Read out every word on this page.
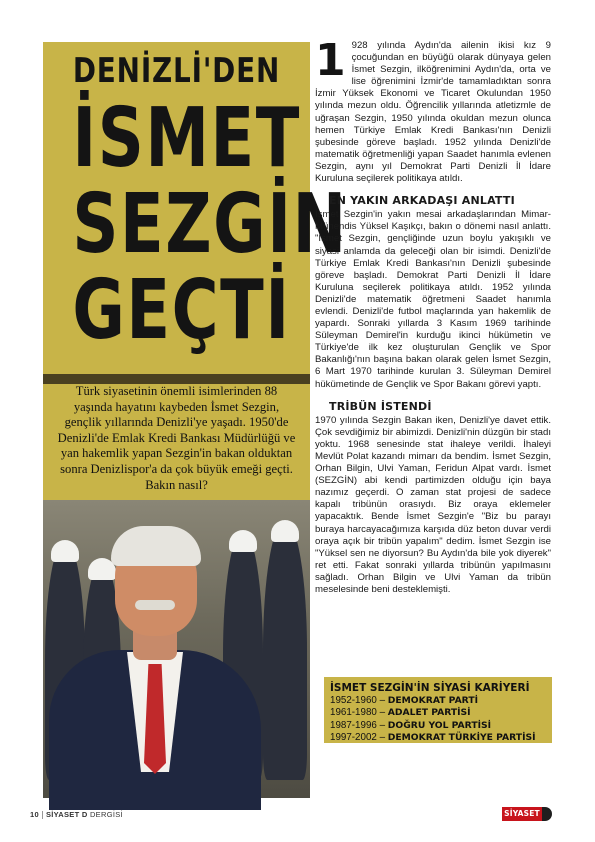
DENİZLİ'DEN
İSMET
SEZGİN
GEÇTİ

Türk siyasetinin önemli isimlerinden 88 yaşında hayatını kaybeden İsmet Sezgin, gençlik yıllarında Denizli'ye yaşadı. 1950'de Denizli'de Emlak Kredi Bankası Müdürlüğü ve yan hakemlik yapan Sezgin'in bakan olduktan sonra Denizlispor'a da çok büyük emeği geçti. Bakın nasıl?

1 928 yılında Aydın'da ailenin ikisi kız 9 çocuğundan en büyüğü olarak dünyaya gelen İsmet Sezgin, ilköğrenimini Aydın'da, orta ve lise öğrenimini İzmir'de tamamladıktan sonra İzmir Yüksek Ekonomi ve Ticaret Okulundan 1950 yılında mezun oldu. Öğrencilik yıllarında atletizmle de uğraşan Sezgin, 1950 yılında okuldan mezun olunca hemen Türkiye Emlak Kredi Bankası'nın Denizli şubesinde göreve başladı. 1952 yılında Denizli'de matematik öğretmenliği yapan Saadet hanımla evlenen Sezgin, aynı yıl Demokrat Parti Denizli İl İdare Kuruluna seçilerek politikaya atıldı.

EN YAKIN ARKADAŞI ANLATTI

İsmet Sezgin'in yakın mesai arkadaşlarından Mimar-Mühendis Yüksel Kaşıkçı, bakın o dönemi nasıl anlattı. "İsmet Sezgin, gençliğinde uzun boylu yakışıklı ve siyasi anlamda da geleceği olan bir isimdi. Denizli'de Türkiye Emlak Kredi Bankası'nın Denizli şubesinde göreve başladı. Demokrat Parti Denizli İl İdare Kuruluna seçilerek politikaya atıldı. 1952 yılında Denizli'de matematik öğretmeni Saadet hanımla evlendi. Denizli'de futbol maçlarında yan hakemlik de yapardı. Sonraki yıllarda 3 Kasım 1969 tarihinde Süleyman Demirel'in kurduğu ikinci hükümetin ve Türkiye'de ilk kez oluşturulan Gençlik ve Spor Bakanlığı'nın başına bakan olarak gelen İsmet Sezgin, 6 Mart 1970 tarihinde kurulan 3. Süleyman Demirel hükümetinde de Gençlik ve Spor Bakanı görevi yaptı.

TRİBÜN İSTENDİ

1970 yılında Sezgin Bakan iken, Denizli'ye davet ettik. Çok sevdiğimiz bir abimizdi. Denizli'nin düzgün bir stadı yoktu. 1968 senesinde stat ihaleye verildi. İhaleyi Mevlüt Polat kazandı mimarı da bendim. İsmet Sezgin, Orhan Bilgin, Ulvi Yaman, Feridun Alpat vardı. İsmet (SEZGİN) abi kendi partimizden olduğu için baya nazımız geçerdi. O zaman stat projesi de sadece kapalı tribünün orasıydı. Biz oraya eklemeler yapacaktık. Bende İsmet Sezgin'e "Biz bu parayı buraya harcayacağımıza karşıda düz beton duvar verdi oraya açık bir tribün yapalım" dedim. İsmet Sezgin ise "Yüksel sen ne diyorsun? Bu Aydın'da bile yok diyerek" ret etti. Fakat sonraki yıllarda tribünün yapılmasını sağladı. Orhan Bilgin ve Ulvi Yaman da tribün meselesinde beni desteklemişti.

İSMET SEZGİN'İN SİYASİ KARİYERİ
1952-1960 – DEMOKRAT PARTİ
1961-1980 – ADALET PARTİSİ
1987-1996 – DOĞRU YOL PARTİSİ
1997-2002 – DEMOKRAT TÜRKİYE PARTİSİ
10 SİYASET D DERGİSİ	SİYASET
